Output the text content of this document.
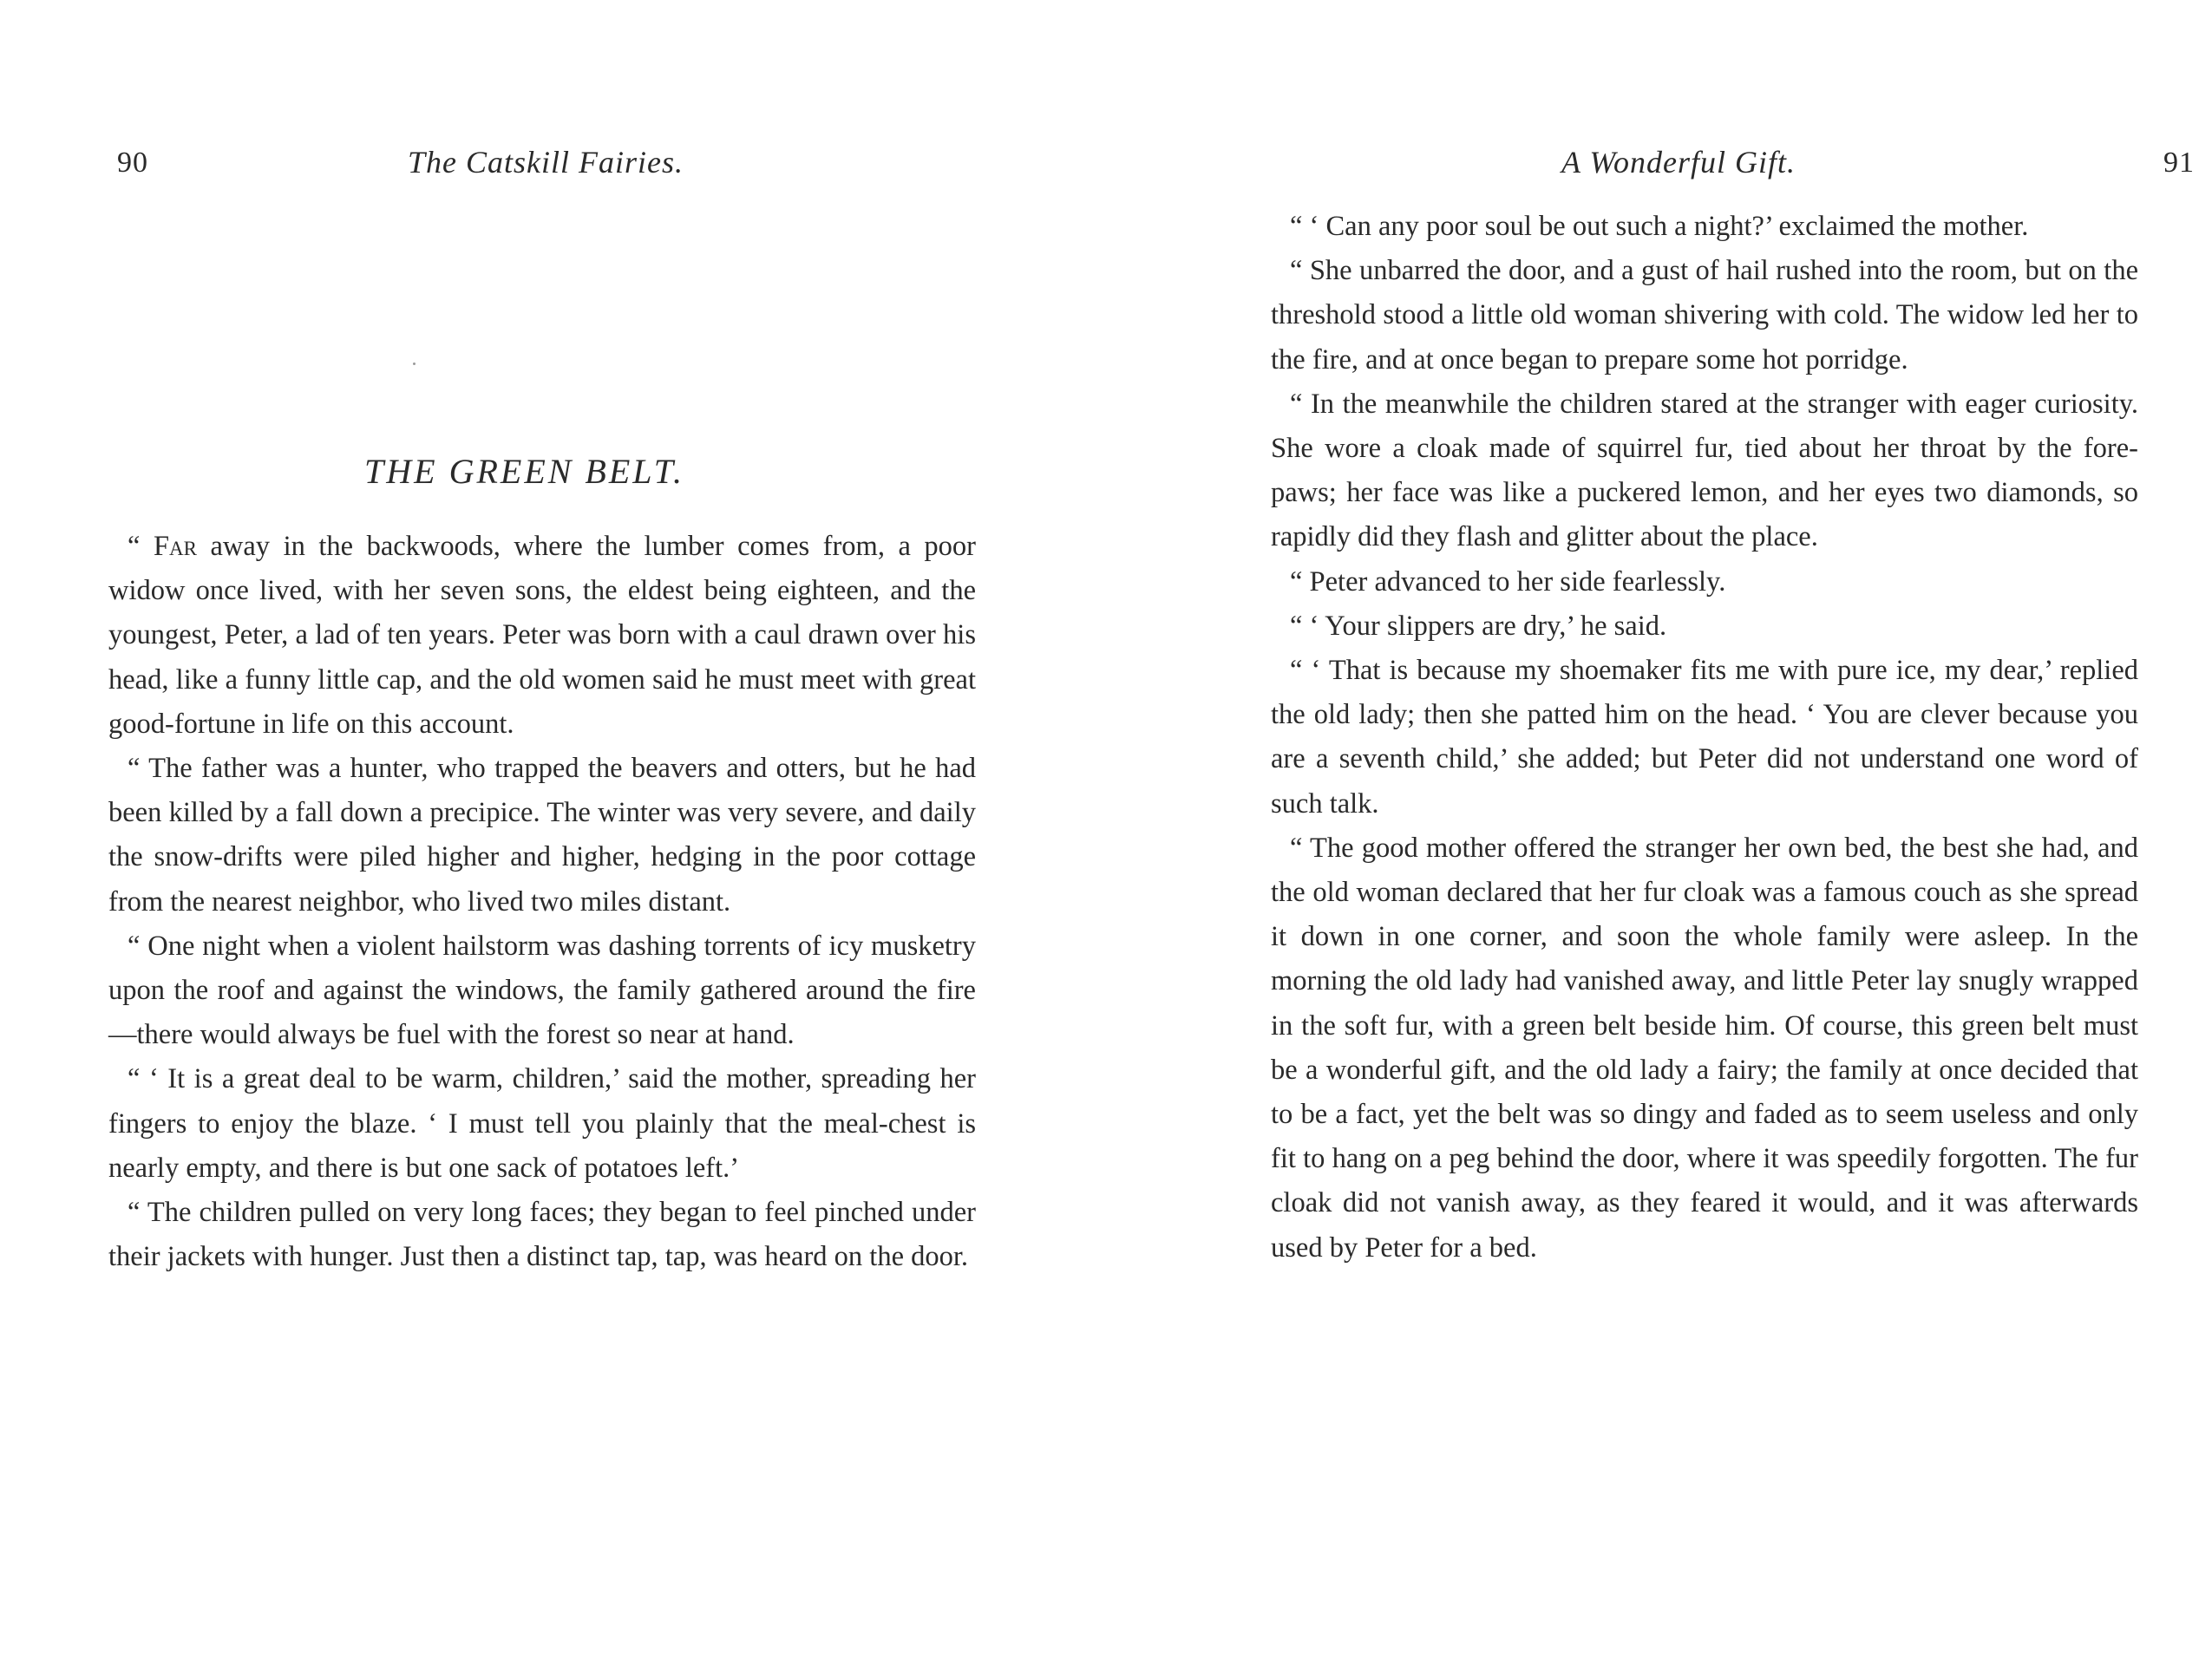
90	The Catskill Fairies.
THE GREEN BELT.

“ Far away in the backwoods, where the lumber comes from, a poor widow once lived, with her seven sons, the eldest being eighteen, and the youngest, Peter, a lad of ten years. Peter was born with a caul drawn over his head, like a funny little cap, and the old women said he must meet with great good-fortune in life on this account.

“ The father was a hunter, who trapped the beavers and otters, but he had been killed by a fall down a precipice. The winter was very severe, and daily the snow-drifts were piled higher and higher, hedging in the poor cottage from the nearest neighbor, who lived two miles distant.

“ One night when a violent hailstorm was dashing torrents of icy musketry upon the roof and against the windows, the family gathered around the fire—there would always be fuel with the forest so near at hand.

“ ‘ It is a great deal to be warm, children,’ said the mother, spreading her fingers to enjoy the blaze. ‘ I must tell you plainly that the meal-chest is nearly empty, and there is but one sack of potatoes left.’

“ The children pulled on very long faces; they began to feel pinched under their jackets with hunger. Just then a distinct tap, tap, was heard on the door.

A Wonderful Gift.	91

“ ‘ Can any poor soul be out such a night?’ exclaimed the mother.

“ She unbarred the door, and a gust of hail rushed into the room, but on the threshold stood a little old woman shivering with cold. The widow led her to the fire, and at once began to prepare some hot porridge.

“ In the meanwhile the children stared at the stranger with eager curiosity. She wore a cloak made of squirrel fur, tied about her throat by the fore-paws; her face was like a puckered lemon, and her eyes two diamonds, so rapidly did they flash and glitter about the place.

“ Peter advanced to her side fearlessly.

“ ‘ Your slippers are dry,’ he said.

“ ‘ That is because my shoemaker fits me with pure ice, my dear,’ replied the old lady; then she patted him on the head. ‘ You are clever because you are a seventh child,’ she added; but Peter did not understand one word of such talk.

“ The good mother offered the stranger her own bed, the best she had, and the old woman declared that her fur cloak was a famous couch as she spread it down in one corner, and soon the whole family were asleep. In the morning the old lady had vanished away, and little Peter lay snugly wrapped in the soft fur, with a green belt beside him. Of course, this green belt must be a wonderful gift, and the old lady a fairy; the family at once decided that to be a fact, yet the belt was so dingy and faded as to seem useless and only fit to hang on a peg behind the door, where it was speedily forgotten. The fur cloak did not vanish away, as they feared it would, and it was afterwards used by Peter for a bed.
